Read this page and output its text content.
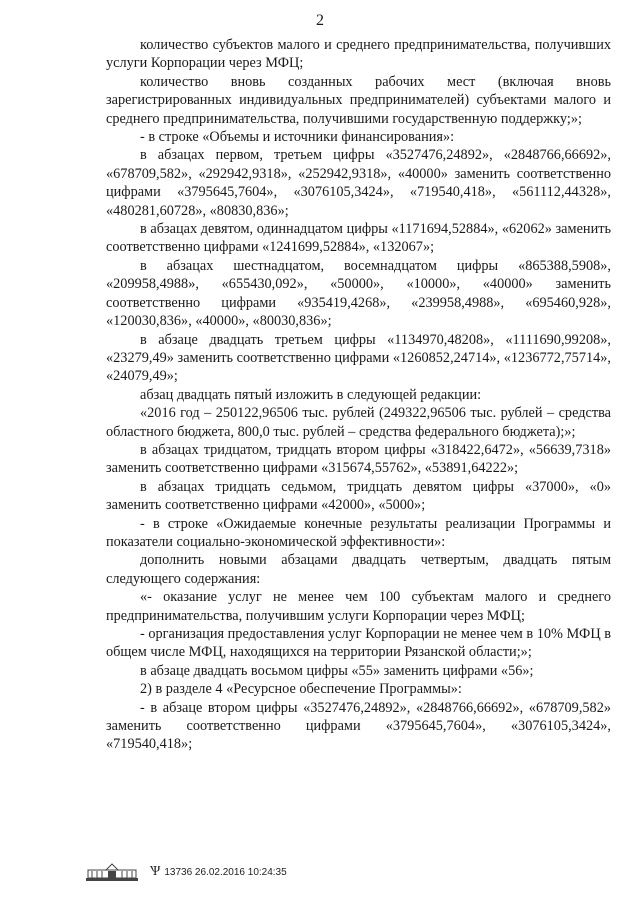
2

количество субъектов малого и среднего предпринимательства, получивших услуги Корпорации через МФЦ;

количество вновь созданных рабочих мест (включая вновь зарегистрированных индивидуальных предпринимателей) субъектами малого и среднего предпринимательства, получившими государственную поддержку;»;

- в строке «Объемы и источники финансирования»:

в абзацах первом, третьем цифры «3527476,24892», «2848766,66692», «678709,582», «292942,9318», «252942,9318», «40000» заменить соответственно цифрами «3795645,7604», «3076105,3424», «719540,418», «561112,44328», «480281,60728», «80830,836»;

в абзацах девятом, одиннадцатом цифры «1171694,52884», «62062» заменить соответственно цифрами «1241699,52884», «132067»;

в абзацах шестнадцатом, восемнадцатом цифры «865388,5908», «209958,4988», «655430,092», «50000», «10000», «40000» заменить соответственно цифрами «935419,4268», «239958,4988», «695460,928», «120030,836», «40000», «80030,836»;

в абзаце двадцать третьем цифры «1134970,48208», «1111690,99208», «23279,49» заменить соответственно цифрами «1260852,24714», «1236772,75714», «24079,49»;

абзац двадцать пятый изложить в следующей редакции:

«2016 год – 250122,96506 тыс. рублей (249322,96506 тыс. рублей – средства областного бюджета, 800,0 тыс. рублей – средства федерального бюджета);»;

в абзацах тридцатом, тридцать втором цифры «318422,6472», «56639,7318» заменить соответственно цифрами «315674,55762», «53891,64222»;

в абзацах тридцать седьмом, тридцать девятом цифры «37000», «0» заменить соответственно цифрами «42000», «5000»;

- в строке «Ожидаемые конечные результаты реализации Программы и показатели социально-экономической эффективности»:

дополнить новыми абзацами двадцать четвертым, двадцать пятым следующего содержания:

«- оказание услуг не менее чем 100 субъектам малого и среднего предпринимательства, получившим услуги Корпорации через МФЦ;

- организация предоставления услуг Корпорации не менее чем в 10% МФЦ в общем числе МФЦ, находящихся на территории Рязанской области;»;

в абзаце двадцать восьмом цифры «55» заменить цифрами «56»;

2) в разделе 4 «Ресурсное обеспечение Программы»:

- в абзаце втором цифры «3527476,24892», «2848766,66692», «678709,582» заменить соответственно цифрами «3795645,7604», «3076105,3424», «719540,418»;

Ѱ 13736 26.02.2016 10:24:35
